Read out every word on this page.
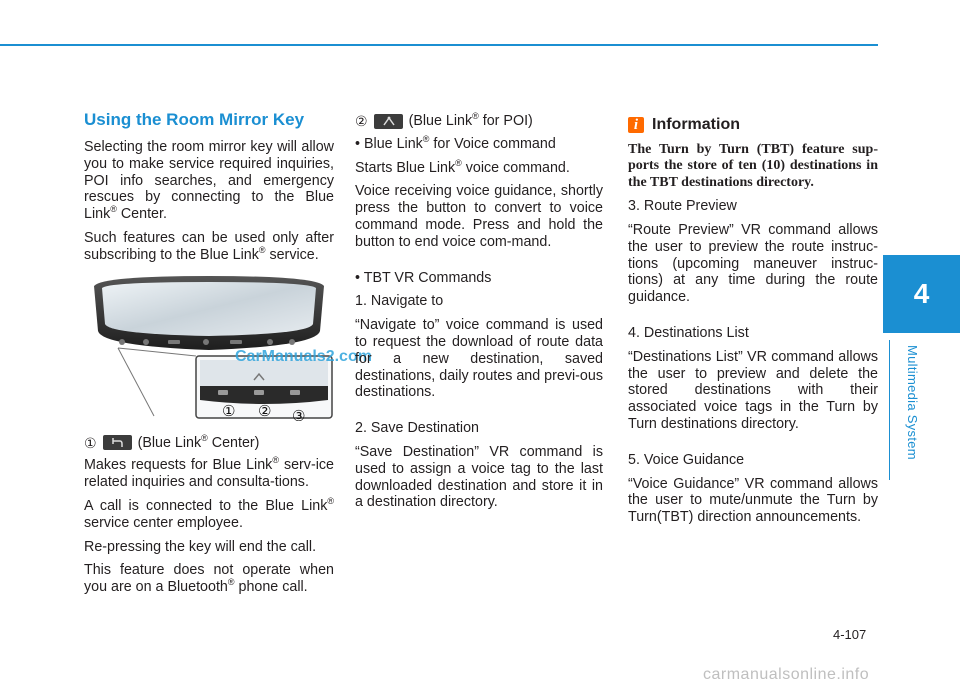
Using the Room Mirror Key

Selecting the room mirror key will allow you to make service required inquiries, POI info searches, and emergency rescues by connecting to the Blue Link® Center.

Such features can be used only after subscribing to the Blue Link® service.

① ② ③
①	(Blue Link® Center)

Makes requests for Blue Link® serv-ice related inquiries and consulta-tions.

A call is connected to the Blue Link® service center employee.

Re-pressing the key will end the call.

This feature does not operate when you are on a Bluetooth® phone call.

CarManuals2.com
②	(Blue Link® for POI)

• Blue Link® for Voice command

Starts Blue Link® voice command.

Voice receiving voice guidance, shortly press the button to convert to voice command mode. Press and hold the button to end voice com-mand.

• TBT VR Commands

1. Navigate to

“Navigate to” voice command is used to request the download of route data for a new destination, saved destinations, daily routes and previ-ous destinations.

2. Save Destination

“Save Destination” VR command is used to assign a voice tag to the last downloaded destination and store it in a destination directory.

i Information

The Turn by Turn (TBT) feature sup-ports the store of ten (10) destinations in the TBT destinations directory.

3. Route Preview

“Route Preview” VR command allows the user to preview the route instruc-tions (upcoming maneuver instruc-tions) at any time during the route guidance.

4. Destinations List

“Destinations List” VR command allows the user to preview and delete the stored destinations with their associated voice tags in the Turn by Turn destinations directory.

5. Voice Guidance

“Voice Guidance” VR command allows the user to mute/unmute the Turn by Turn(TBT) direction announcements.

4
Multimedia System
4-107
carmanualsonline.info
